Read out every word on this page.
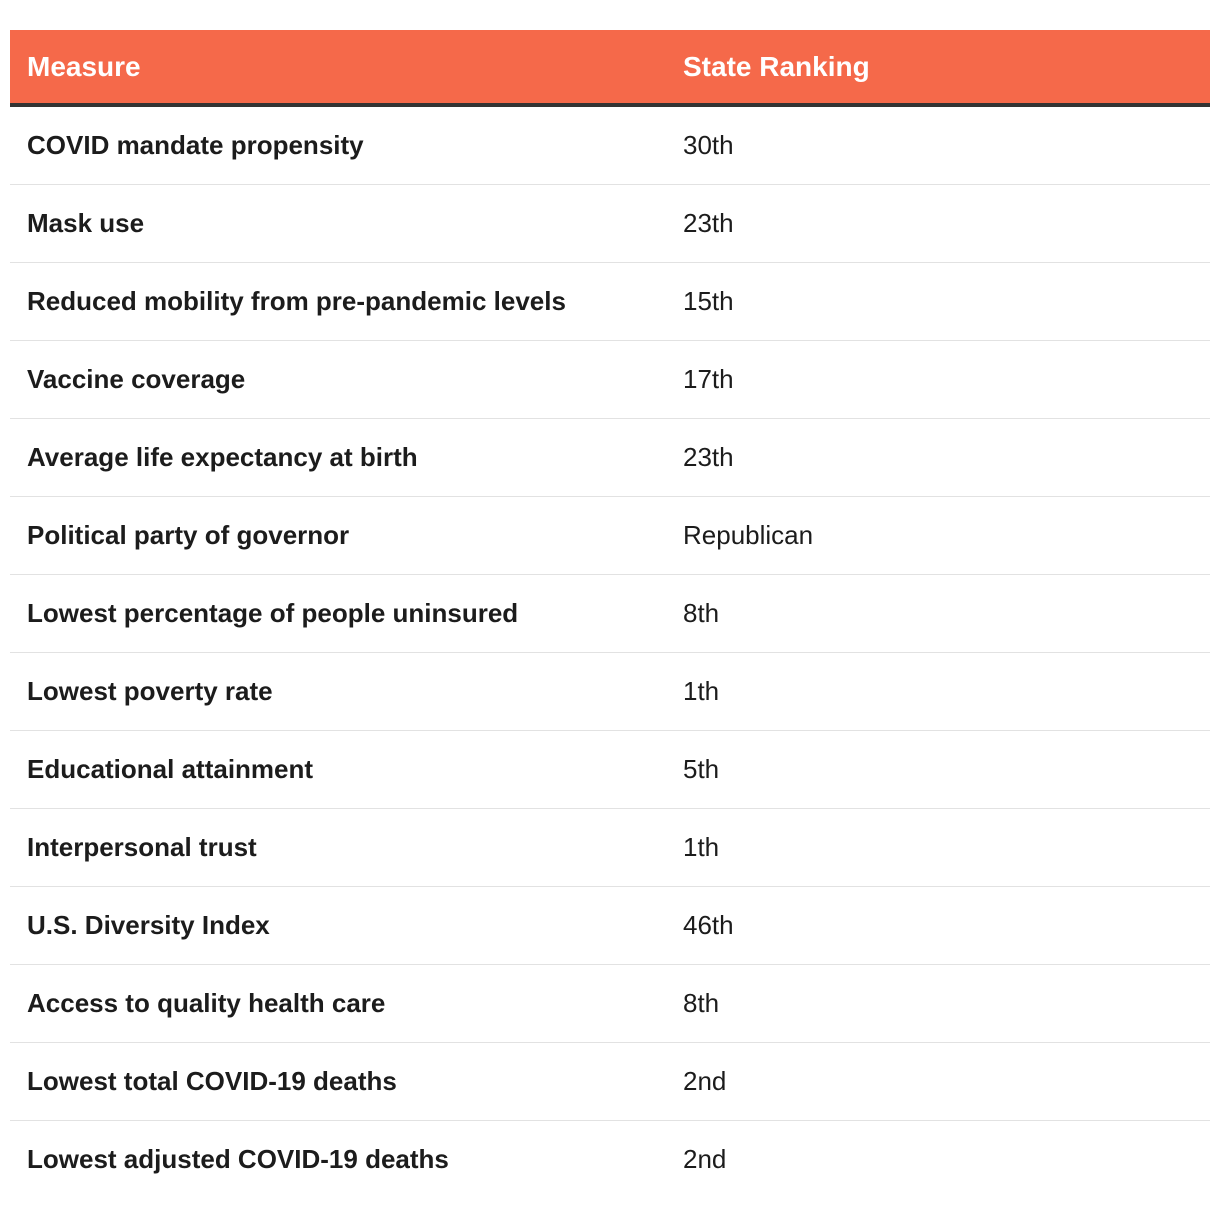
Measure	State Ranking
COVID mandate propensity	30th
Mask use	23th
Reduced mobility from pre-pandemic levels	15th
Vaccine coverage	17th
Average life expectancy at birth	23th
Political party of governor	Republican
Lowest percentage of people uninsured	8th
Lowest poverty rate	1th
Educational attainment	5th
Interpersonal trust	1th
U.S. Diversity Index	46th
Access to quality health care	8th
Lowest total COVID-19 deaths	2nd
Lowest adjusted COVID-19 deaths	2nd
